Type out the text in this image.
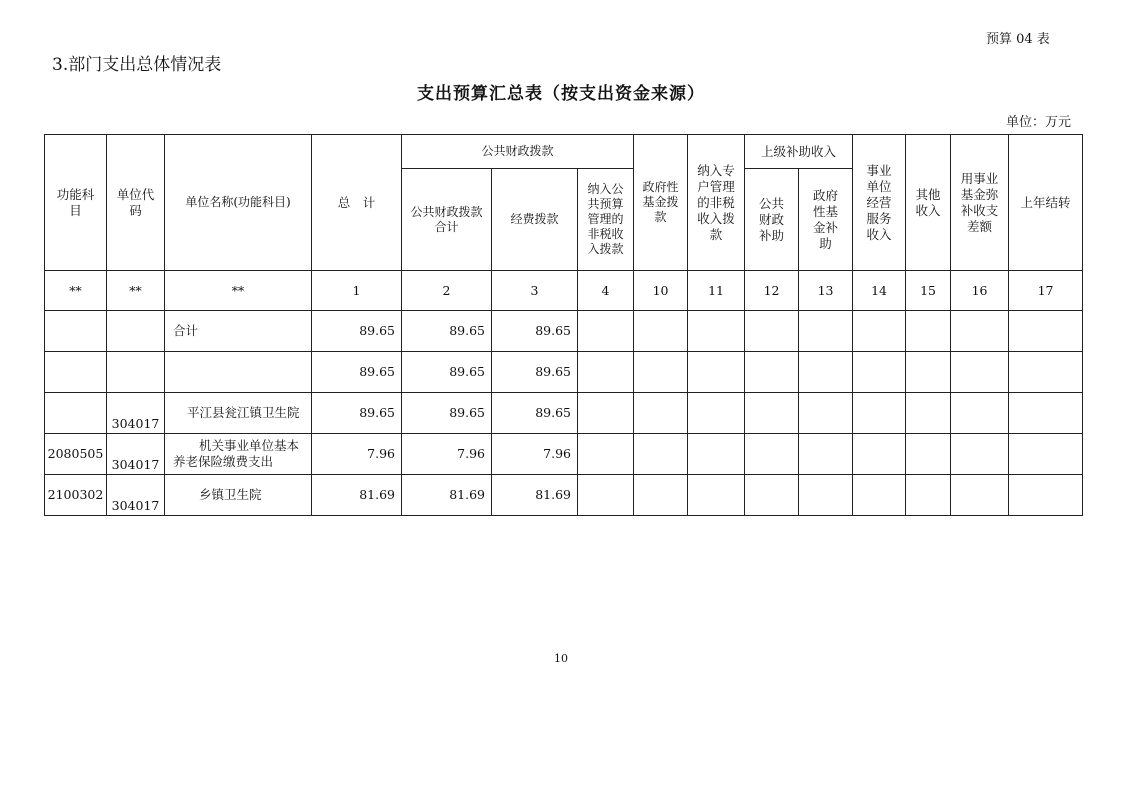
预算 04 表
3.部门支出总体情况表
支出预算汇总表（按支出资金来源）
单位：万元
功能科目	单位代码	单位名称(功能科目)	总　计	公共财政拨款			政府性基金拨款	纳入专户管理的非税收入拨款	上级补助收入		事业单位经营服务收入	其他收入	用事业基金弥补收支差额	上年结转

				公共财政拨款合计	经费拨款	纳入公共预算管理的非税收入拨款			公共财政补助	政府性基金补助				

**	**	**	1	2	3	4	10	11	12	13	14	15	16	17
		合计	89.65	89.65	89.65									
			89.65	89.65	89.65									
	304017	平江县瓮江镇卫生院	89.65	89.65	89.65									
2080505	304017	机关事业单位基本养老保险缴费支出	7.96	7.96	7.96									
2100302	304017	乡镇卫生院	81.69	81.69	81.69									
10
